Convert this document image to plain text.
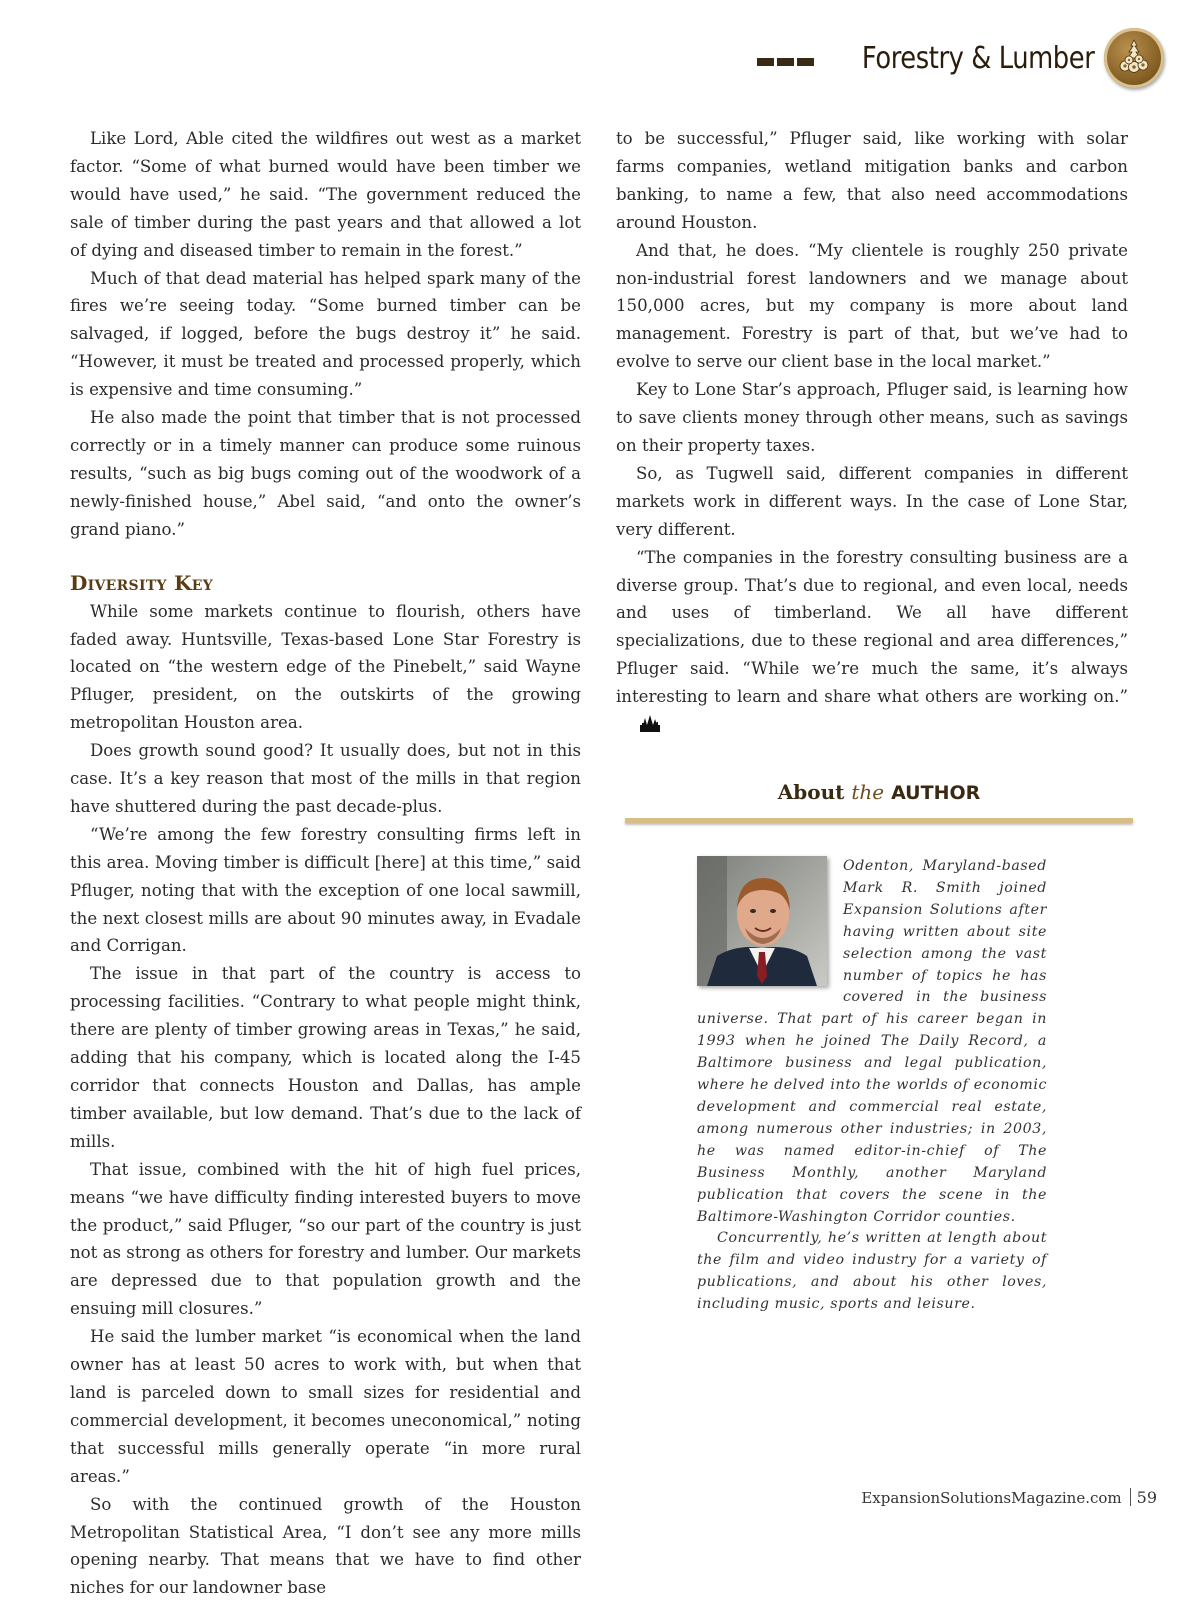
Forestry & Lumber

Like Lord, Able cited the wildfires out west as a market factor. “Some of what burned would have been timber we would have used,” he said. “The government reduced the sale of timber during the past years and that allowed a lot of dying and diseased timber to remain in the forest.”

Much of that dead material has helped spark many of the fires we’re seeing today. “Some burned timber can be salvaged, if logged, before the bugs destroy it” he said. “However, it must be treated and processed properly, which is expensive and time consuming.”

He also made the point that timber that is not processed correctly or in a timely manner can produce some ruinous results, “such as big bugs coming out of the woodwork of a newly-finished house,” Abel said, “and onto the owner’s grand piano.”

Diversity Key

While some markets continue to flourish, others have faded away. Huntsville, Texas-based Lone Star Forestry is located on “the western edge of the Pinebelt,” said Wayne Pfluger, president, on the outskirts of the growing metropolitan Houston area.

Does growth sound good? It usually does, but not in this case. It’s a key reason that most of the mills in that region have shuttered during the past decade-plus.

“We’re among the few forestry consulting firms left in this area. Moving timber is difficult [here] at this time,” said Pfluger, noting that with the exception of one local sawmill, the next closest mills are about 90 minutes away, in Evadale and Corrigan.

The issue in that part of the country is access to processing facilities. “Contrary to what people might think, there are plenty of timber growing areas in Texas,” he said, adding that his company, which is located along the I-45 corridor that connects Houston and Dallas, has ample timber available, but low demand. That’s due to the lack of mills.

That issue, combined with the hit of high fuel prices, means “we have difficulty finding interested buyers to move the product,” said Pfluger, “so our part of the country is just not as strong as others for forestry and lumber. Our markets are depressed due to that population growth and the ensuing mill closures.”

He said the lumber market “is economical when the land owner has at least 50 acres to work with, but when that land is parceled down to small sizes for residential and commercial development, it becomes uneconomical,” noting that successful mills generally operate “in more rural areas.”

So with the continued growth of the Houston Metropolitan Statistical Area, “I don’t see any more mills opening nearby. That means that we have to find other niches for our landowner base

to be successful,” Pfluger said, like working with solar farms companies, wetland mitigation banks and carbon banking, to name a few, that also need accommodations around Houston.

And that, he does. “My clientele is roughly 250 private non-industrial forest landowners and we manage about 150,000 acres, but my company is more about land management. Forestry is part of that, but we’ve had to evolve to serve our client base in the local market.”

Key to Lone Star’s approach, Pfluger said, is learning how to save clients money through other means, such as savings on their property taxes.

So, as Tugwell said, different companies in different markets work in different ways. In the case of Lone Star, very different.

“The companies in the forestry consulting business are a diverse group. That’s due to regional, and even local, needs and uses of timberland. We all have different specializations, due to these regional and area differences,” Pfluger said. “While we’re much the same, it’s always interesting to learn and share what others are working on.”

About the AUTHOR

Odenton, Maryland-based Mark R. Smith joined Expansion Solutions after having written about site selection among the vast number of topics he has covered in the business universe. That part of his career began in 1993 when he joined The Daily Record, a Baltimore business and legal publication, where he delved into the worlds of economic development and commercial real estate, among numerous other industries; in 2003, he was named editor-in-chief of The Business Monthly, another Maryland publication that covers the scene in the Baltimore-Washington Corridor counties.

Concurrently, he’s written at length about the film and video industry for a variety of publications, and about his other loves, including music, sports and leisure.

ExpansionSolutionsMagazine.com 59
